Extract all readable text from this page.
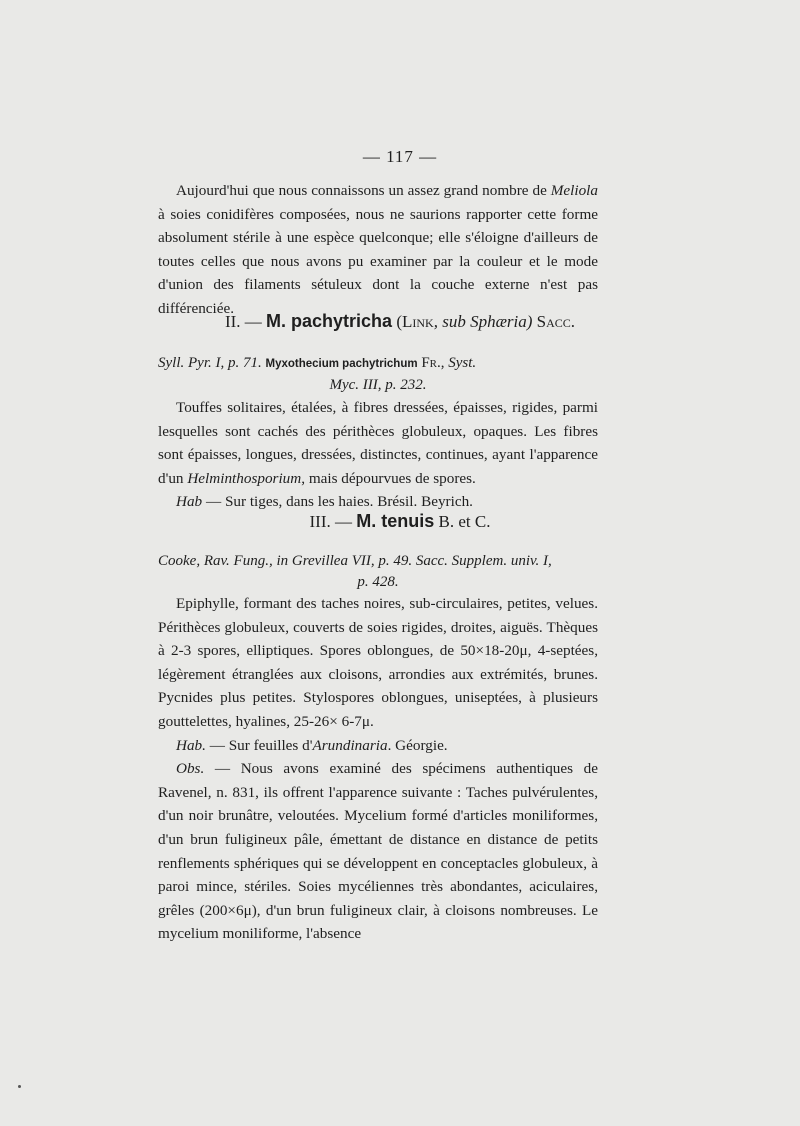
— 117 —
Aujourd'hui que nous connaissons un assez grand nombre de Meliola à soies conidifères composées, nous ne saurions rapporter cette forme absolument stérile à une espèce quelconque; elle s'éloigne d'ailleurs de toutes celles que nous avons pu examiner par la couleur et le mode d'union des filaments sétuleux dont la couche externe n'est pas différenciée.
II. — M. pachytricha (Link, sub Sphæria) Sacc.
Syll. Pyr. I, p. 71. Myxothecium pachytrichum Fr., Syst.
Myc. III, p. 232.
Touffes solitaires, étalées, à fibres dressées, épaisses, rigides, parmi lesquelles sont cachés des périthèces globuleux, opaques. Les fibres sont épaisses, longues, dressées, distinctes, continues, ayant l'apparence d'un Helminthosporium, mais dépourvues de spores.
Hab — Sur tiges, dans les haies. Brésil. Beyrich.
III. — M. tenuis B. et C.
Cooke, Rav. Fung., in Grevillea VII, p. 49. Sacc. Supplem. univ. I,
p. 428.
Epiphylle, formant des taches noires, sub-circulaires, petites, velues. Périthèces globuleux, couverts de soies rigides, droites, aiguës. Thèques à 2-3 spores, elliptiques. Spores oblongues, de 50×18-20μ, 4-septées, légèrement étranglées aux cloisons, arrondies aux extrémités, brunes. Pycnides plus petites. Stylospores oblongues, uniseptées, à plusieurs gouttelettes, hyalines, 25-26× 6-7μ.
Hab. — Sur feuilles d'Arundinaria. Géorgie.
Obs. — Nous avons examiné des spécimens authentiques de Ravenel, n. 831, ils offrent l'apparence suivante : Taches pulvérulentes, d'un noir brunâtre, veloutées. Mycelium formé d'articles moniliformes, d'un brun fuligineux pâle, émettant de distance en distance de petits renflements sphériques qui se développent en conceptacles globuleux, à paroi mince, stériles. Soies mycéliennes très abondantes, aciculaires, grêles (200×6μ), d'un brun fuligineux clair, à cloisons nombreuses. Le mycelium moniliforme, l'absence
